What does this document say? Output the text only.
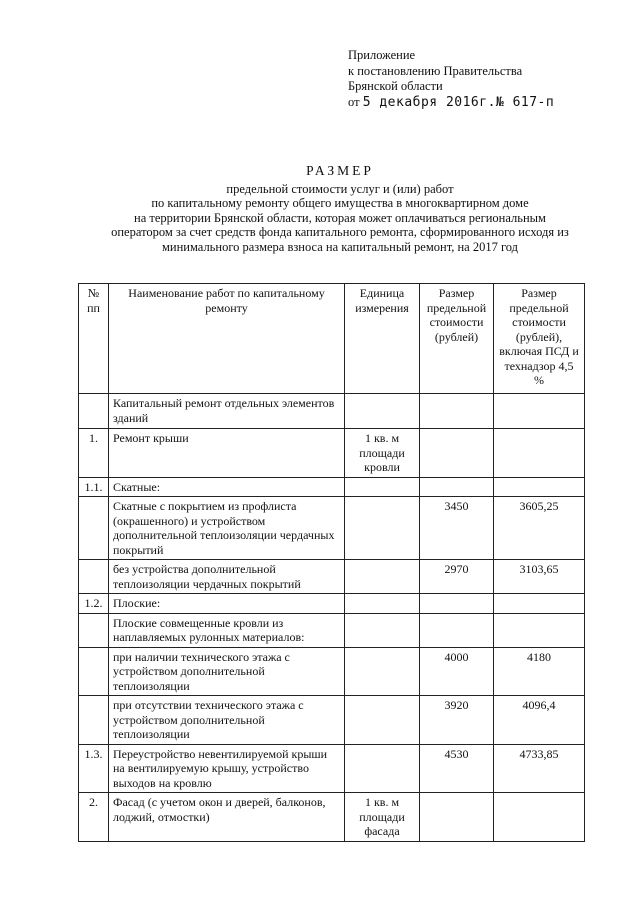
Приложение
к постановлению Правительства
Брянской области
от 5 декабря 2016г.№ 617-п
РАЗМЕР
предельной стоимости услуг и (или) работ
по капитальному ремонту общего имущества в многоквартирном доме
на территории Брянской области, которая может оплачиваться региональным
оператором за счет средств фонда капитального ремонта, сформированного исходя из
минимального размера взноса на капитальный ремонт, на 2017 год
№ пп	Наименование работ по капитальному ремонту	Единица измерения	Размер предельной стоимости (рублей)	Размер предельной стоимости (рублей), включая ПСД и технадзор 4,5 %
	Капитальный ремонт отдельных элементов зданий			
1.	Ремонт крыши	1 кв. м площади кровли		
1.1.	Скатные:			
	Скатные с покрытием из профлиста (окрашенного) и устройством дополнительной теплоизоляции чердачных покрытий		3450	3605,25
	без устройства дополнительной теплоизоляции чердачных покрытий		2970	3103,65
1.2.	Плоские:			
	Плоские совмещенные кровли из наплавляемых рулонных материалов:			
	при наличии технического этажа с устройством дополнительной теплоизоляции		4000	4180
	при отсутствии технического этажа с устройством дополнительной теплоизоляции		3920	4096,4
1.3.	Переустройство невентилируемой крыши на вентилируемую крышу, устройство выходов на кровлю		4530	4733,85
2.	Фасад (с учетом окон и дверей, балконов, лоджий, отмостки)	1 кв. м площади фасада		
